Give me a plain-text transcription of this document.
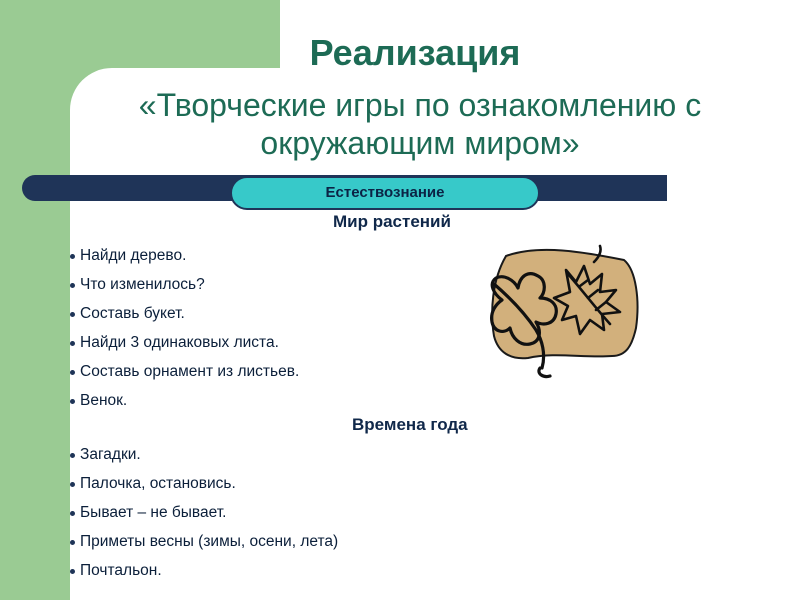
Реализация

«Творческие игры по ознакомлению с окружающим миром»

Естествознание
Мир растений
Найди дерево.
Что изменилось?
Составь букет.
Найди 3 одинаковых листа.
Составь орнамент из листьев.
Венок.
Времена года
Загадки.
Палочка, остановись.
Бывает – не бывает.
Приметы весны (зимы, осени, лета)
Почтальон.
